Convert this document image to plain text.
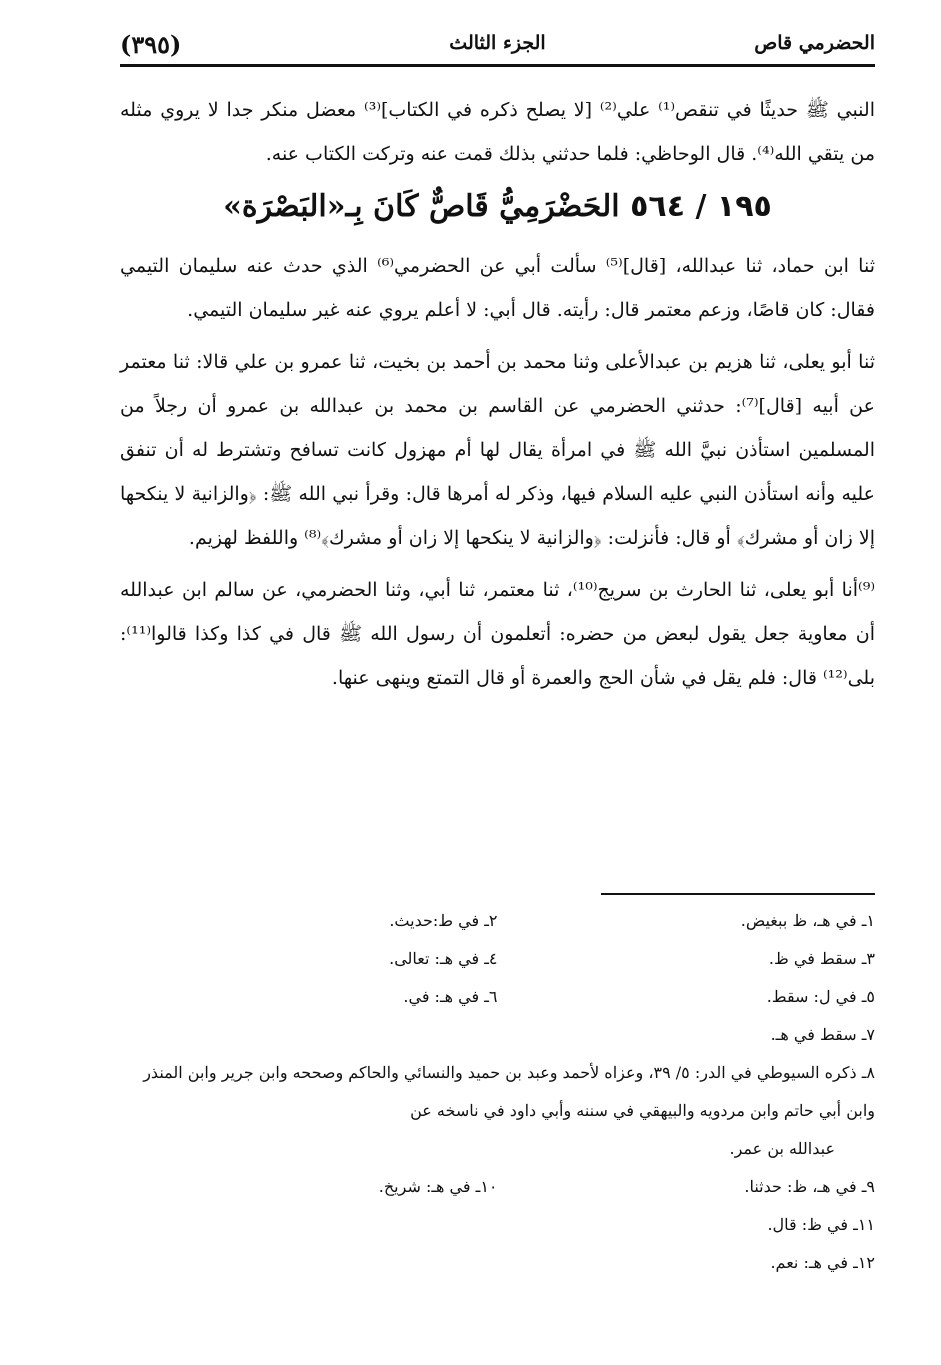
الحضرمي قاص
الجزء الثالث
(٣٩٥)

النبي ﷺ حديثًا في تنقص⁽¹⁾ علي⁽²⁾ [لا يصلح ذكره في الكتاب]⁽³⁾ معضل منكر جدا لا يروي مثله من يتقي الله⁽⁴⁾. قال الوحاظي: فلما حدثني بذلك قمت عنه وتركت الكتاب عنه.

١٩٥ / ٥٦٤ الحَضْرَمِيُّ قَاصٌّ كَانَ بِـ«البَصْرَة»

ثنا ابن حماد، ثنا عبدالله، [قال]⁽⁵⁾ سألت أبي عن الحضرمي⁽⁶⁾ الذي حدث عنه سليمان التيمي فقال: كان قاصًا، وزعم معتمر قال: رأيته. قال أبي: لا أعلم يروي عنه غير سليمان التيمي.

ثنا أبو يعلى، ثنا هزيم بن عبدالأعلى وثنا محمد بن أحمد بن بخيت، ثنا عمرو بن علي قالا: ثنا معتمر عن أبيه [قال]⁽⁷⁾: حدثني الحضرمي عن القاسم بن محمد بن عبدالله بن عمرو أن رجلاً من المسلمين استأذن نبيَّ الله ﷺ في امرأة يقال لها أم مهزول كانت تسافح وتشترط له أن تنفق عليه وأنه استأذن النبي عليه السلام فيها، وذكر له أمرها قال: وقرأ نبي الله ﷺ: ﴿والزانية لا ينكحها إلا زان أو مشرك﴾ أو قال: فأنزلت: ﴿والزانية لا ينكحها إلا زان أو مشرك﴾⁽⁸⁾ واللفظ لهزيم.

⁽⁹⁾أنا أبو يعلى، ثنا الحارث بن سريج⁽¹⁰⁾، ثنا معتمر، ثنا أبي، وثنا الحضرمي، عن سالم ابن عبدالله أن معاوية جعل يقول لبعض من حضره: أتعلمون أن رسول الله ﷺ قال في كذا وكذا قالوا⁽¹¹⁾: بلى⁽¹²⁾ قال: فلم يقل في شأن الحج والعمرة أو قال التمتع وينهى عنها.

١ـ في هـ، ظ ببغيض.
٢ـ في ط:حديث.
٣ـ سقط في ظ.
٤ـ في هـ: تعالى.
٥ـ في ل: سقط.
٦ـ في هـ: في.
٧ـ سقط في هـ.
٨ـ ذكره السيوطي في الدر: ٥/ ٣٩، وعزاه لأحمد وعبد بن حميد والنسائي والحاكم وصححه وابن جرير وابن المنذر وابن أبي حاتم وابن مردويه والبيهقي في سننه وأبي داود في ناسخه عن
عبدالله بن عمر.
٩ـ في هـ، ظ: حدثنا.
١٠ـ في هـ: شريخ.
١١ـ في ظ: قال.
١٢ـ في هـ: نعم.
